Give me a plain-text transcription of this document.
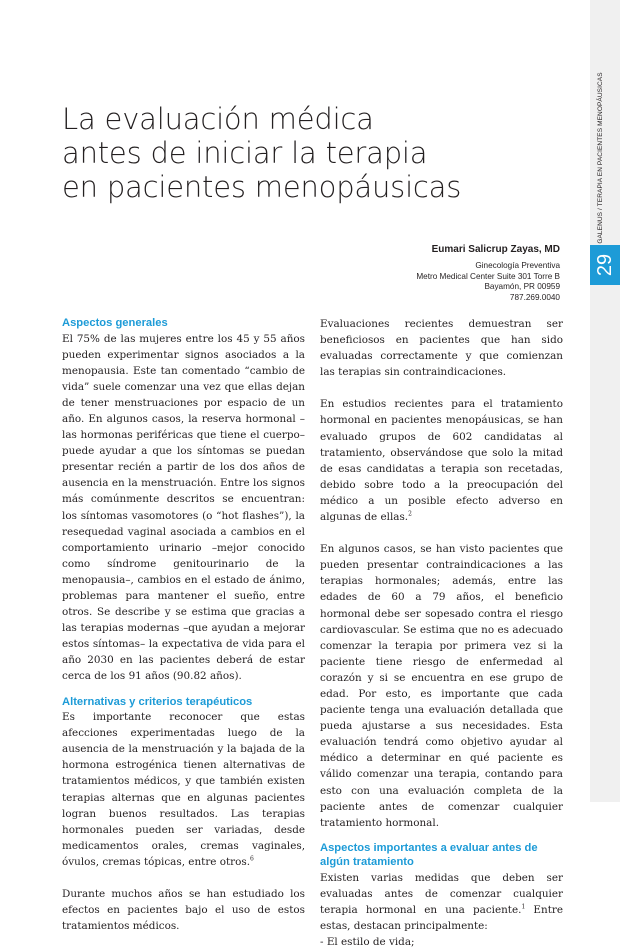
29
GALENUS / TERAPIA EN PACIENTES MENOPÁUSICAS
La evaluación médica
antes de iniciar la terapia
en pacientes menopáusicas
Eumari Salicrup Zayas, MD
Ginecología Preventiva
Metro Medical Center Suite 301 Torre B
Bayamón, PR 00959
787.269.0040
Aspectos generales

El 75% de las mujeres entre los 45 y 55 años pueden experimentar signos asociados a la menopausia. Este tan comentado “cambio de vida” suele comenzar una vez que ellas dejan de tener menstruaciones por espacio de un año. En algunos casos, la reserva hormonal –las hormonas periféricas que tiene el cuerpo– puede ayudar a que los síntomas se puedan presentar recién a partir de los dos años de ausencia en la menstruación. Entre los signos más comúnmente descritos se encuentran: los síntomas vasomotores (o “hot flashes”), la resequedad vaginal asociada a cambios en el comportamiento urinario –mejor conocido como síndrome genitourinario de la menopausia–, cambios en el estado de ánimo, problemas para mantener el sueño, entre otros. Se describe y se estima que gracias a las terapias modernas –que ayudan a mejorar estos síntomas– la expectativa de vida para el año 2030 en las pacientes deberá de estar cerca de los 91 años (90.82 años).

Alternativas y criterios terapéuticos

Es importante reconocer que estas afecciones experimentadas luego de la ausencia de la menstruación y la bajada de la hormona estrogénica tienen alternativas de tratamientos médicos, y que también existen terapias alternas que en algunas pacientes logran buenos resultados. Las terapias hormonales pueden ser variadas, desde medicamentos orales, cremas vaginales, óvulos, cremas tópicas, entre otros.$^6$

Durante muchos años se han estudiado los efectos en pacientes bajo el uso de estos tratamientos médicos.

Evaluaciones recientes demuestran ser beneficiosos en pacientes que han sido evaluadas correctamente y que comienzan las terapias sin contraindicaciones.

En estudios recientes para el tratamiento hormonal en pacientes menopáusicas, se han evaluado grupos de 602 candidatas al tratamiento, observándose que solo la mitad de esas candidatas a terapia son recetadas, debido sobre todo a la preocupación del médico a un posible efecto adverso en algunas de ellas.$^2$

En algunos casos, se han visto pacientes que pueden presentar contraindicaciones a las terapias hormonales; además, entre las edades de 60 a 79 años, el beneficio hormonal debe ser sopesado contra el riesgo cardiovascular. Se estima que no es adecuado comenzar la terapia por primera vez si la paciente tiene riesgo de enfermedad al corazón y si se encuentra en ese grupo de edad. Por esto, es importante que cada paciente tenga una evaluación detallada que pueda ajustarse a sus necesidades. Esta evaluación tendrá como objetivo ayudar al médico a determinar en qué paciente es válido comenzar una terapia, contando para esto con una evaluación completa de la paciente antes de comenzar cualquier tratamiento hormonal.

Aspectos importantes a evaluar antes de algún tratamiento

Existen varias medidas que deben ser evaluadas antes de comenzar cualquier terapia hormonal en una paciente.$^1$ Entre estas, destacan principalmente:

- El estilo de vida;
